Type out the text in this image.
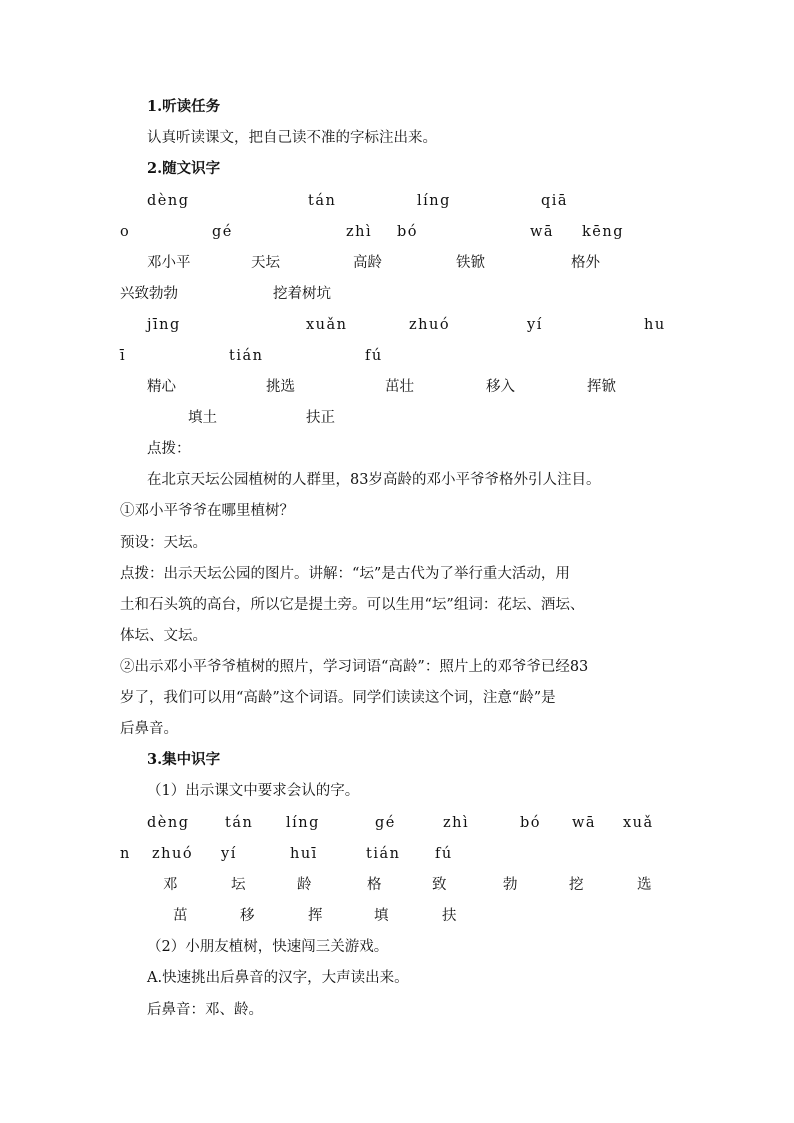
1.听读任务
认真听读课文，把自己读不准的字标注出来。
2.随文识字
dèng	tán	líng	qiā
o	gé	zhì bó	wā kēng
邓小平	天坛	高龄	铁锨	格外
兴致勃勃	挖着树坑
jīng	xuǎn	zhuó	yí	hu
ī	tián	fú
精心	挑选	茁壮	移入	挥锨
填土	扶正
点拨：
在北京天坛公园植树的人群里，83岁高龄的邓小平爷爷格外引人注目。
①邓小平爷爷在哪里植树？
预设：天坛。
点拨：出示天坛公园的图片。讲解：“坛”是古代为了举行重大活动，用
土和石头筑的高台，所以它是提土旁。可以生用“坛”组词：花坛、酒坛、
体坛、文坛。
②出示邓小平爷爷植树的照片，学习词语“高龄”：照片上的邓爷爷已经83
岁了，我们可以用“高龄”这个词语。同学们读读这个词，注意“龄”是
后鼻音。
3.集中识字
（1）出示课文中要求会认的字。
dèng tán líng	gé	zhì	bó wā xuǎ
n zhuó yí	huī	tián fú
邓	坛	龄	格	致	勃	挖	选
茁	移	挥	填	扶
（2）小朋友植树，快速闯三关游戏。
A.快速挑出后鼻音的汉字，大声读出来。
后鼻音：邓、龄。
